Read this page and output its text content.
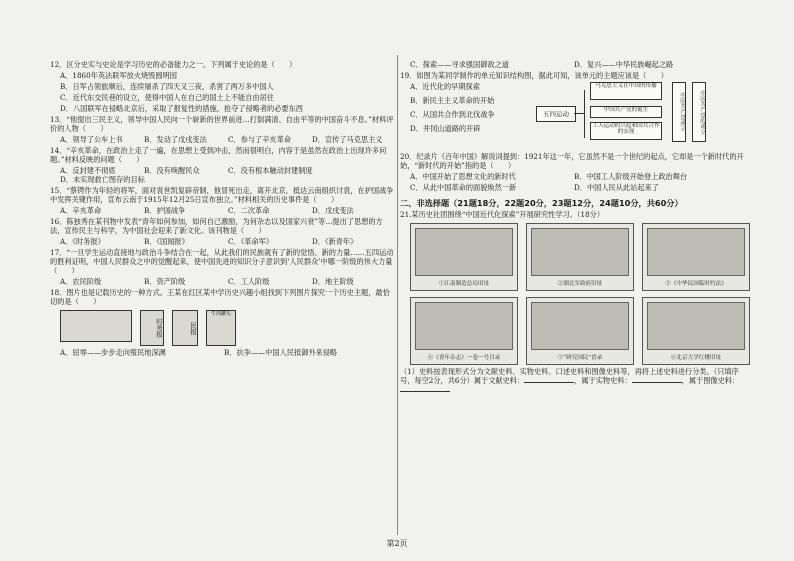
12．区分史实与史论是学习历史的必备能力之一。下列属于史论的是（　　）
A．1860年英法联军放火烧毁圆明园
B．日军占领旅顺后，连续屠杀了四天又三夜，杀害了两万多中国人
C．近代东交民巷的设立，使得中国人在自己的国土上不能自由居住
D．八国联军在侵略北京后，采取了报复性的措施，抢夺了侵略者的必要东西
13．“他提出三民主义，领导中国人民向一个崭新的世界前进…打倒满清、自由平等的中国奋斗不息。”材料评价的人物（　　）
A．领导了公车上书	B．发动了戊戌变法	C．参与了辛亥革命	D．宣传了马克思主义
14．“辛亥革命，在政治上走了一遍，在思想上受到冲击，然而很明白，内容于是虽然在政治上出现许多问题。”材料反映的问题（　　）
A．反封建不彻底	B．没有唤醒民众	C．没有根本触动封建制度
D．未实现救亡图存的目标
15．“蔡锷作为年轻的将军，面对袁世凯复辟帝制，他冒死出走，离开北京，抵达云南组织讨袁，在护国战争中发挥关键作用，宣布云南于1915年12月25日宣布独立。”材料相关的历史事件是（　　）
A．辛亥革命	B．护国战争	C．二次革命	D．戊戌变法
16．陈独秀在某刊物中发表“青年如何参加，如何自己激励，为何杂志以及国家兴衰”等…提出了思想的方法，宣传民主与科学，为中国社会迎来了新文化。该刊物是（　　）
A．《时务报》	B．《国闻报》	C．《革命军》	D．《新青年》
17．“一旦学生运动直接地与政治斗争结合在一起，从此我们的民族就有了新的觉悟、新的力量……五四运动的胜利证明，中国人民群众之中的觉醒起来，使中国先进的知识分子意识到‘人民群众’中哪一阶级的伟大力量（　　）
A．农民阶级	B．资产阶级	C．工人阶级	D．地主阶级
18．图片也是记载历史的一种方式。王某在红区某中学历史兴趣小组找到下列图片探究一个历史主题，最恰切的是（　　）
时务报	民报
牛肉罐头
A．屈辱——步步走向殖民地深渊	B．抗争——中国人民抵御外来侵略
C．探索——寻求强国御敌之道	D．复兴——中华民族崛起之路
19．如图为某同学制作的单元知识结构图，据此可知，该单元的主题应该是（　　）
A．近代化的早期探索
B．新民主主义革命的开始
C．从国共合作到北伐战争
D．井冈山道路的开辟
五四运动
马克思主义在中国的传播
中国共产党的诞生
工人运动的兴起和国共合作的实现
中国共产党成立	中国共产党的成立
20．纪录片《百年中国》解说词提到：1921年这一年，它虽然不是一个世纪的起点，它却是一个新时代的开始，“新时代的开始”指的是（　　）
A．中国开始了思想文化的新时代	B．中国工人阶级开始登上政治舞台
C．从此中国革命的面貌焕然一新	D．中国人民从此站起来了
二、非选择题（21题18分，22题20分，23题12分，24题10分，共60分）
21.某历史社团围绕“中国近代化探索”开展研究性学习。（18分）
①江南制造总局旧址	②湖北军政府旧址	③《中华民国临时约法》
④《青年杂志》一卷一号目录	⑤“研究国民”语录	⑥北京大学红楼旧址
（1）史料按表现形式分为文献史料、实物史料、口述史料和图像史料等，再将上述史料进行分类。（只填序号，每空2分，共6分）属于文献史料：	，属于实物史料：	，属于图像史料：
第2页
